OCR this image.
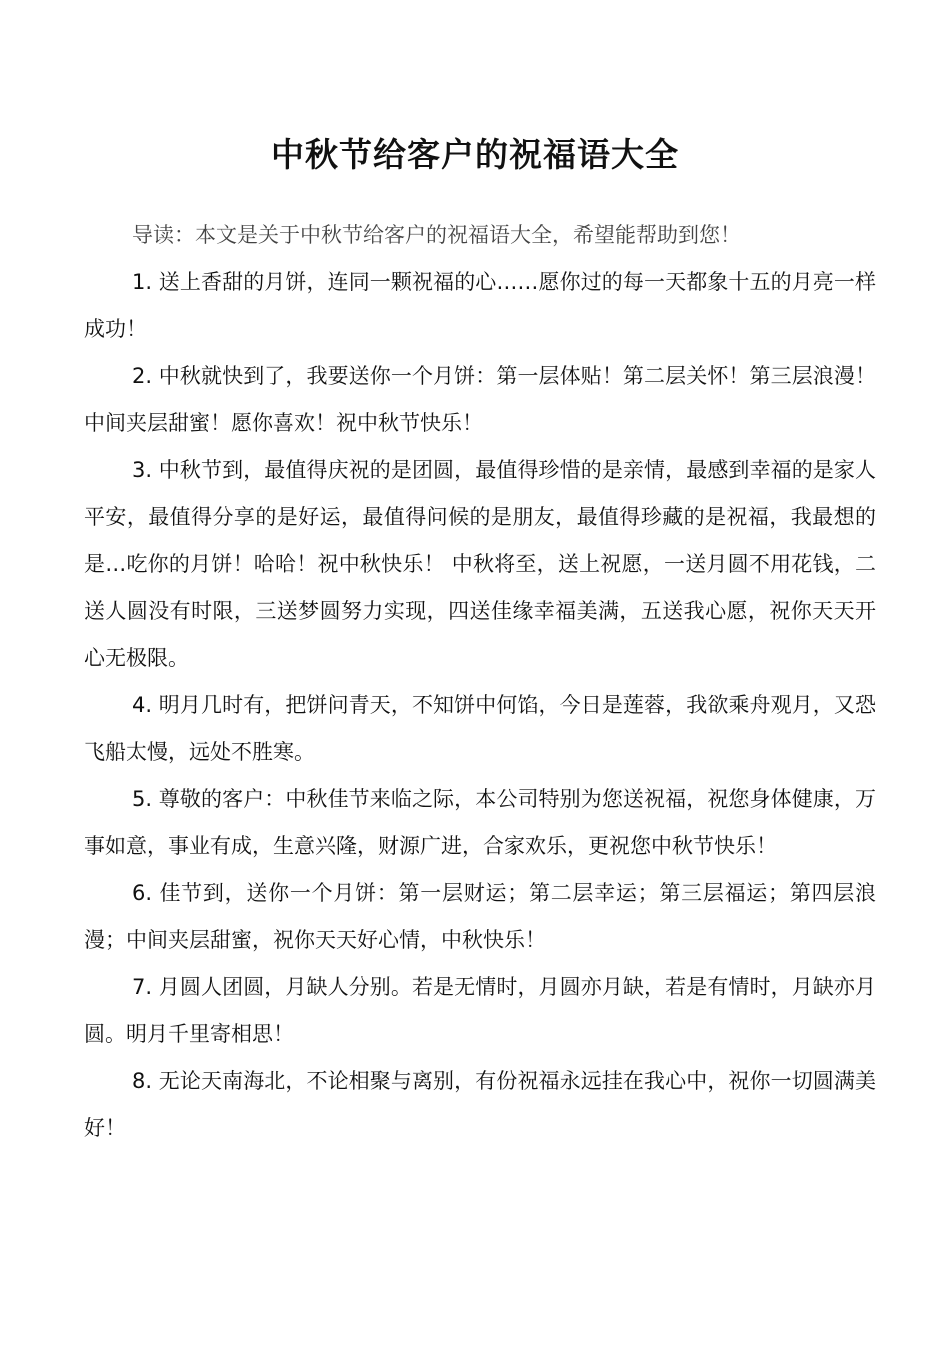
中秋节给客户的祝福语大全

导读：本文是关于中秋节给客户的祝福语大全，希望能帮助到您！

1. 送上香甜的月饼，连同一颗祝福的心……愿你过的每一天都象十五的月亮一样成功！

2. 中秋就快到了，我要送你一个月饼：第一层体贴！第二层关怀！第三层浪漫！中间夹层甜蜜！愿你喜欢！祝中秋节快乐！

3. 中秋节到，最值得庆祝的是团圆，最值得珍惜的是亲情，最感到幸福的是家人平安，最值得分享的是好运，最值得问候的是朋友，最值得珍藏的是祝福，我最想的是…吃你的月饼！哈哈！祝中秋快乐！ 中秋将至，送上祝愿，一送月圆不用花钱，二送人圆没有时限，三送梦圆努力实现，四送佳缘幸福美满，五送我心愿，祝你天天开心无极限。

4. 明月几时有，把饼问青天，不知饼中何馅，今日是莲蓉，我欲乘舟观月，又恐飞船太慢，远处不胜寒。

5. 尊敬的客户：中秋佳节来临之际，本公司特别为您送祝福，祝您身体健康，万事如意，事业有成，生意兴隆，财源广进，合家欢乐，更祝您中秋节快乐！

6. 佳节到，送你一个月饼：第一层财运；第二层幸运；第三层福运；第四层浪漫；中间夹层甜蜜，祝你天天好心情，中秋快乐！

7. 月圆人团圆，月缺人分别。若是无情时，月圆亦月缺，若是有情时，月缺亦月圆。明月千里寄相思！

8. 无论天南海北，不论相聚与离别，有份祝福永远挂在我心中，祝你一切圆满美好！
